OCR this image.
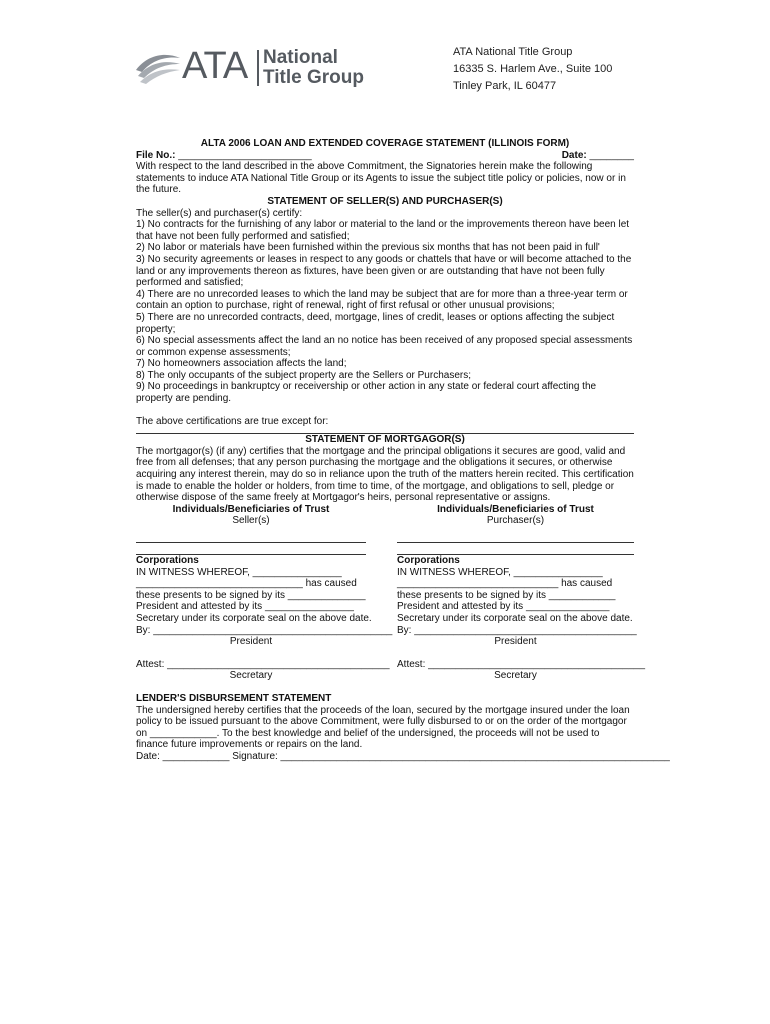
ATA National
Title Group
ATA National Title Group
16335 S. Harlem Ave., Suite 100
Tinley Park, IL 60477

ALTA 2006 LOAN AND EXTENDED COVERAGE STATEMENT (ILLINOIS FORM)

File No.: ________________________	Date: ________

With respect to the land described in the above Commitment, the Signatories herein make the following statements to induce ATA National Title Group or its Agents to issue the subject title policy or policies, now or in the future.

STATEMENT OF SELLER(S) AND PURCHASER(S)

The seller(s) and purchaser(s) certify:

1) No contracts for the furnishing of any labor or material to the land or the improvements thereon have been let that have not been fully performed and satisfied;

2) No labor or materials have been furnished within the previous six months that has not been paid in full'

3) No security agreements or leases in respect to any goods or chattels that have or will become attached to the land or any improvements thereon as fixtures, have been given or are outstanding that have not been fully performed and satisfied;

4) There are no unrecorded leases to which the land may be subject that are for more than a three-year term or contain an option to purchase, right of renewal, right of first refusal or other unusual provisions;

5) There are no unrecorded contracts, deed, mortgage, lines of credit, leases or options affecting the subject property;

6) No special assessments affect the land an no notice has been received of any proposed special assessments or common expense assessments;

7) No homeowners association affects the land;

8) The only occupants of the subject property are the Sellers or Purchasers;

9) No proceedings in bankruptcy or receivership or other action in any state or federal court affecting the property are pending.

The above certifications are true except for:

STATEMENT OF MORTGAGOR(S)

The mortgagor(s) (if any) certifies that the mortgage and the principal obligations it secures are good, valid and free from all defenses; that any person purchasing the mortgage and the obligations it secures, or otherwise acquiring any interest therein, may do so in reliance upon the truth of the matters herein recited. This certification is made to enable the holder or holders, from time to time, of the mortgage, and obligations to sell, pledge or otherwise dispose of the same freely at Mortgagor's heirs, personal representative or assigns.

Individuals/Beneficiaries of Trust

Seller(s)

Corporations

IN WITNESS WHEREOF, ________________

______________________________ has caused

these presents to be signed by its ______________

President and attested by its ________________

Secretary under its corporate seal on the above date.

By: ___________________________________________

President

Attest: ________________________________________

Secretary

Individuals/Beneficiaries of Trust

Purchaser(s)

Corporations

IN WITNESS WHEREOF, ________________

_____________________________ has caused

these presents to be signed by its ____________

President and attested by its _______________

Secretary under its corporate seal on the above date.

By: ________________________________________

President

Attest: _______________________________________

Secretary

LENDER'S DISBURSEMENT STATEMENT

The undersigned hereby certifies that the proceeds of the loan, secured by the mortgage insured under the loan policy to be issued pursuant to the above Commitment, were fully disbursed to or on the order of the mortgagor on ____________. To the best knowledge and belief of the undersigned, the proceeds will not be used to finance future improvements or repairs on the land.

Date: ____________ Signature: ______________________________________________________________________
